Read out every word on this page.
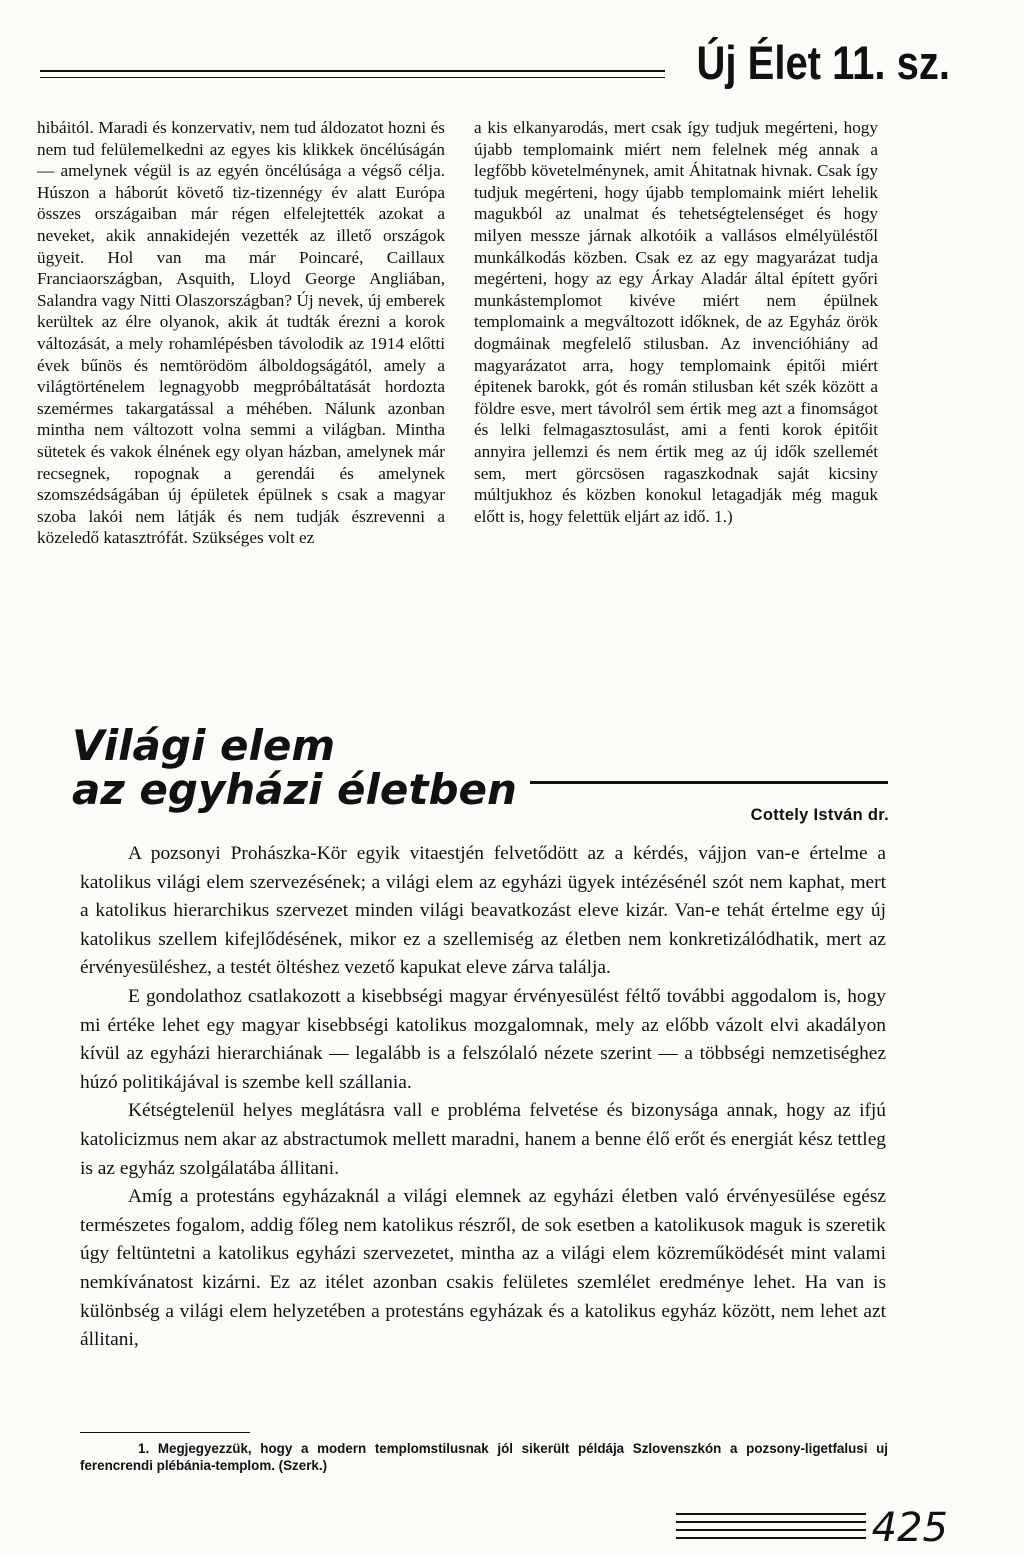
Új Élet 11. sz.

hibáitól. Maradi és konzervativ, nem tud áldozatot hozni és nem tud felülemelkedni az egyes kis klikkek öncélúságán — amelynek végül is az egyén öncélúsága a végső célja. Húszon a háborút követő tiz-tizennégy év alatt Európa összes országaiban már régen elfelejtették azokat a neveket, akik annakidején vezették az illető országok ügyeit. Hol van ma már Poincaré, Caillaux Franciaországban, Asquith, Lloyd George Angliában, Salandra vagy Nitti Olaszországban? Új nevek, új emberek kerültek az élre olyanok, akik át tudták érezni a korok változását, a mely rohamlépésben távolodik az 1914 előtti évek bűnös és nemtörödöm álboldogságától, amely a világtörténelem legnagyobb megpróbáltatását hordozta szemérmes takargatással a méhében. Nálunk azonban mintha nem változott volna semmi a világban. Mintha sütetek és vakok élnének egy olyan házban, amelynek már recsegnek, ropognak a gerendái és amelynek szomszédságában új épületek épülnek s csak a magyar szoba lakói nem látják és nem tudják észrevenni a közeledő katasztrófát. Szükséges volt ez

a kis elkanyarodás, mert csak így tudjuk megérteni, hogy újabb templomaink miért nem felelnek még annak a legfőbb követelménynek, amit Áhitatnak hivnak. Csak így tudjuk megérteni, hogy újabb templomaink miért lehelik magukból az unalmat és tehetségtelenséget és hogy milyen messze járnak alkotóik a vallásos elmélyüléstől munkálkodás közben. Csak ez az egy magyarázat tudja megérteni, hogy az egy Árkay Aladár által épített győri munkástemplomot kivéve miért nem épülnek templomaink a megváltozott időknek, de az Egyház örök dogmáinak megfelelő stilusban. Az invencióhiány ad magyarázatot arra, hogy templomaink épitői miért épitenek barokk, gót és román stilusban két szék között a földre esve, mert távolról sem értik meg azt a finomságot és lelki felmagasztosulást, ami a fenti korok épitőit annyira jellemzi és nem értik meg az új idők szellemét sem, mert görcsösen ragaszkodnak saját kicsiny múltjukhoz és közben konokul letagadják még maguk előtt is, hogy felettük eljárt az idő. 1.)

Világi elem
az egyházi életben
Cottely István dr.

A pozsonyi Prohászka-Kör egyik vitaestjén felvetődött az a kérdés, vájjon van-e értelme a katolikus világi elem szervezésének; a világi elem az egyházi ügyek intézésénél szót nem kaphat, mert a katolikus hierarchikus szervezet minden világi beavatkozást eleve kizár. Van-e tehát értelme egy új katolikus szellem kifejlődésének, mikor ez a szellemiség az életben nem konkretizálódhatik, mert az érvényesüléshez, a testét öltéshez vezető kapukat eleve zárva találja.

E gondolathoz csatlakozott a kisebbségi magyar érvényesülést féltő további aggodalom is, hogy mi értéke lehet egy magyar kisebbségi katolikus mozgalomnak, mely az előbb vázolt elvi akadályon kívül az egyházi hierarchiának — legalább is a felszólaló nézete szerint — a többségi nemzetiséghez húzó politikájával is szembe kell szállania.

Kétségtelenül helyes meglátásra vall e probléma felvetése és bizonysága annak, hogy az ifjú katolicizmus nem akar az abstractumok mellett maradni, hanem a benne élő erőt és energiát kész tettleg is az egyház szolgálatába állitani.

Amíg a protestáns egyházaknál a világi elemnek az egyházi életben való érvényesülése egész természetes fogalom, addig főleg nem katolikus részről, de sok esetben a katolikusok maguk is szeretik úgy feltüntetni a katolikus egyházi szervezetet, mintha az a világi elem közreműködését mint valami nemkívánatost kizárni. Ez az itélet azonban csakis felületes szemlélet eredménye lehet. Ha van is különbség a világi elem helyzetében a protestáns egyházak és a katolikus egyház között, nem lehet azt állitani,

1. Megjegyezzük, hogy a modern templomstilusnak jól sikerült példája Szlovenszkón a pozsony-ligetfalusi uj ferencrendi plébánia-templom. (Szerk.)
425
